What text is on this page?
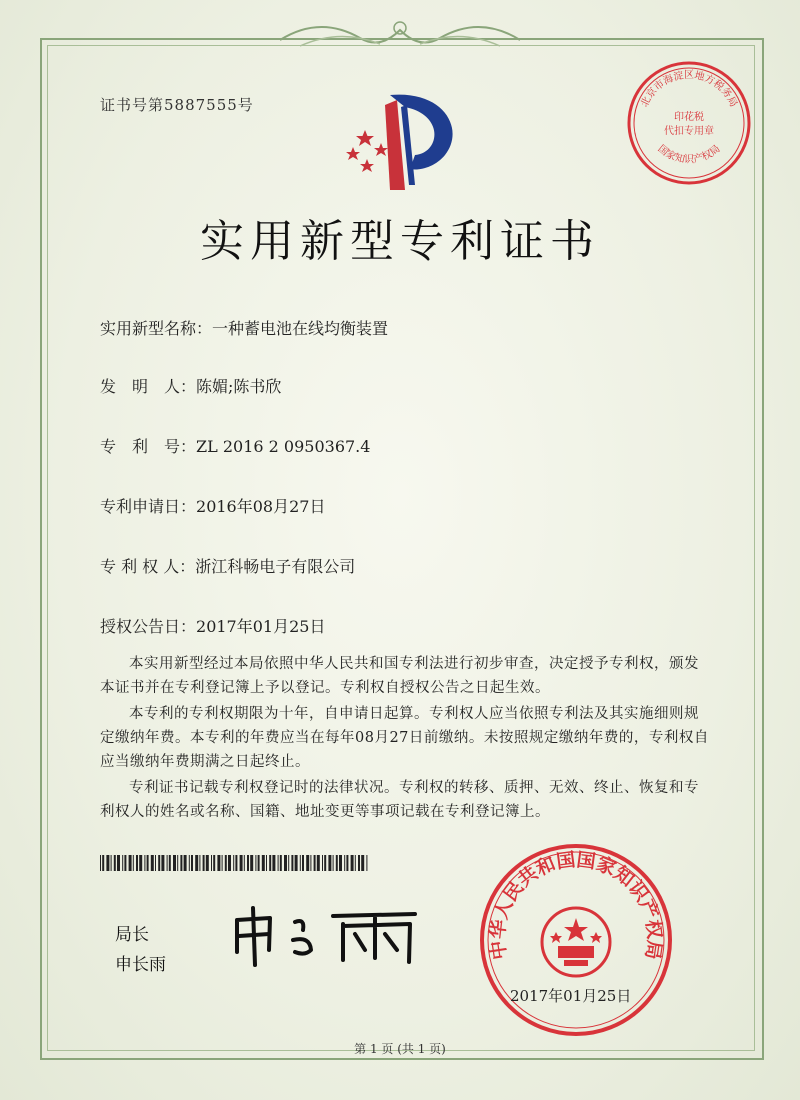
证书号第5887555号	北京市海淀区地方税务局
印花税
代扣专用章
国家知识产权局
实用新型专利证书
实用新型名称：一种蓄电池在线均衡装置
发　明　人：陈媚;陈书欣
专　利　号：ZL 2016 2 0950367.4
专利申请日：2016年08月27日
专 利 权 人：浙江科畅电子有限公司
授权公告日：2017年01月25日

本实用新型经过本局依照中华人民共和国专利法进行初步审查，决定授予专利权，颁发本证书并在专利登记簿上予以登记。专利权自授权公告之日起生效。

本专利的专利权期限为十年，自申请日起算。专利权人应当依照专利法及其实施细则规定缴纳年费。本专利的年费应当在每年08月27日前缴纳。未按照规定缴纳年费的，专利权自应当缴纳年费期满之日起终止。

专利证书记载专利权登记时的法律状况。专利权的转移、质押、无效、终止、恢复和专利权人的姓名或名称、国籍、地址变更等事项记载在专利登记簿上。

局长
申长雨
中华人民共和国国家知识产权局
2017年01月25日
第 1 页 (共 1 页)
